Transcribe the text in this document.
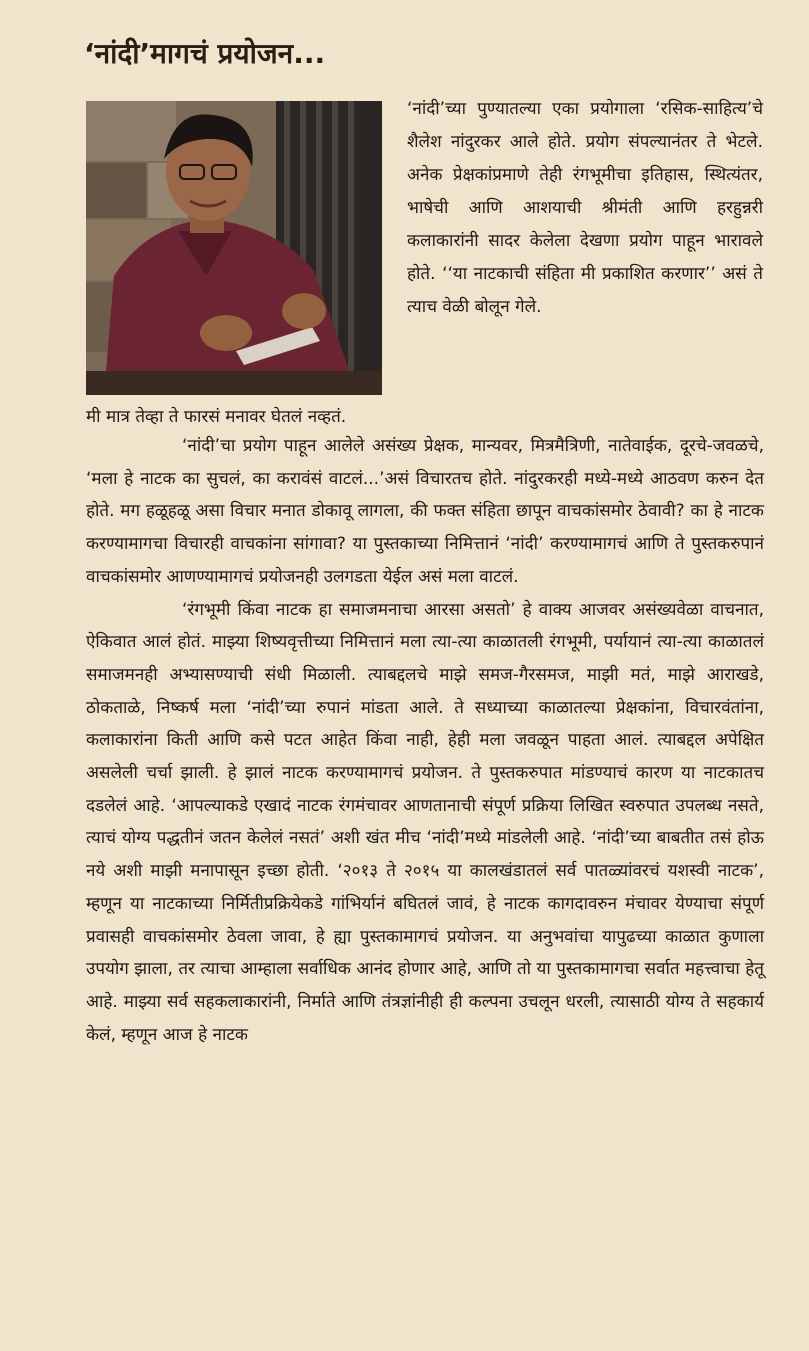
‘नांदी’मागचं प्रयोजन...
‘नांदी’च्या पुण्यातल्या एका प्रयोगाला ‘रसिक-साहित्य’चे शैलेश नांदुरकर आले होते. प्रयोग संपल्यानंतर ते भेटले. अनेक प्रेक्षकांप्रमाणे तेही रंगभूमीचा इतिहास, स्थित्यंतर, भाषेची आणि आशयाची श्रीमंती आणि हरहुन्नरी कलाकारांनी सादर केलेला देखणा प्रयोग पाहून भारावले होते. ‘‘या नाटकाची संहिता मी प्रकाशित करणार’’ असं ते त्याच वेळी बोलून गेले.
मी मात्र तेव्हा ते फारसं मनावर घेतलं नव्हतं.

‘नांदी’चा प्रयोग पाहून आलेले असंख्य प्रेक्षक, मान्यवर, मित्रमैत्रिणी, नातेवाईक, दूरचे-जवळचे, ‘मला हे नाटक का सुचलं, का करावंसं वाटलं...’असं विचारतच होते. नांदुरकरही मध्ये-मध्ये आठवण करुन देत होते. मग हळूहळू असा विचार मनात डोकावू लागला, की फक्त संहिता छापून वाचकांसमोर ठेवावी? का हे नाटक करण्यामागचा विचारही वाचकांना सांगावा? या पुस्तकाच्या निमित्तानं ‘नांदी’ करण्यामागचं आणि ते पुस्तकरुपानं वाचकांसमोर आणण्यामागचं प्रयोजनही उलगडता येईल असं मला वाटलं.

‘रंगभूमी किंवा नाटक हा समाजमनाचा आरसा असतो’ हे वाक्य आजवर असंख्यवेळा वाचनात, ऐकिवात आलं होतं. माझ्या शिष्यवृत्तीच्या निमित्तानं मला त्या-त्या काळातली रंगभूमी, पर्यायानं त्या-त्या काळातलं समाजमनही अभ्यासण्याची संधी मिळाली. त्याबद्दलचे माझे समज-गैरसमज, माझी मतं, माझे आराखडे, ठोकताळे, निष्कर्ष मला ‘नांदी’च्या रुपानं मांडता आले. ते सध्याच्या काळातल्या प्रेक्षकांना, विचारवंतांना, कलाकारांना किती आणि कसे पटत आहेत किंवा नाही, हेही मला जवळून पाहता आलं. त्याबद्दल अपेक्षित असलेली चर्चा झाली. हे झालं नाटक करण्यामागचं प्रयोजन. ते पुस्तकरुपात मांडण्याचं कारण या नाटकातच दडलेलं आहे. ‘आपल्याकडे एखादं नाटक रंगमंचावर आणतानाची संपूर्ण प्रक्रिया लिखित स्वरुपात उपलब्ध नसते, त्याचं योग्य पद्धतीनं जतन केलेलं नसतं’ अशी खंत मीच ‘नांदी’मध्ये मांडलेली आहे. ‘नांदी’च्या बाबतीत तसं होऊ नये अशी माझी मनापासून इच्छा होती. ‘२०१३ ते २०१५ या कालखंडातलं सर्व पातळ्यांवरचं यशस्वी नाटक’, म्हणून या नाटकाच्या निर्मितीप्रक्रियेकडे गांभिर्यानं बघितलं जावं, हे नाटक कागदावरुन मंचावर येण्याचा संपूर्ण प्रवासही वाचकांसमोर ठेवला जावा, हे ह्या पुस्तकामागचं प्रयोजन. या अनुभवांचा यापुढच्या काळात कुणाला उपयोग झाला, तर त्याचा आम्हाला सर्वाधिक आनंद होणार आहे, आणि तो या पुस्तकामागचा सर्वात महत्त्वाचा हेतू आहे. माझ्या सर्व सहकलाकारांनी, निर्माते आणि तंत्रज्ञांनीही ही कल्पना उचलून धरली, त्यासाठी योग्य ते सहकार्य केलं, म्हणून आज हे नाटक
